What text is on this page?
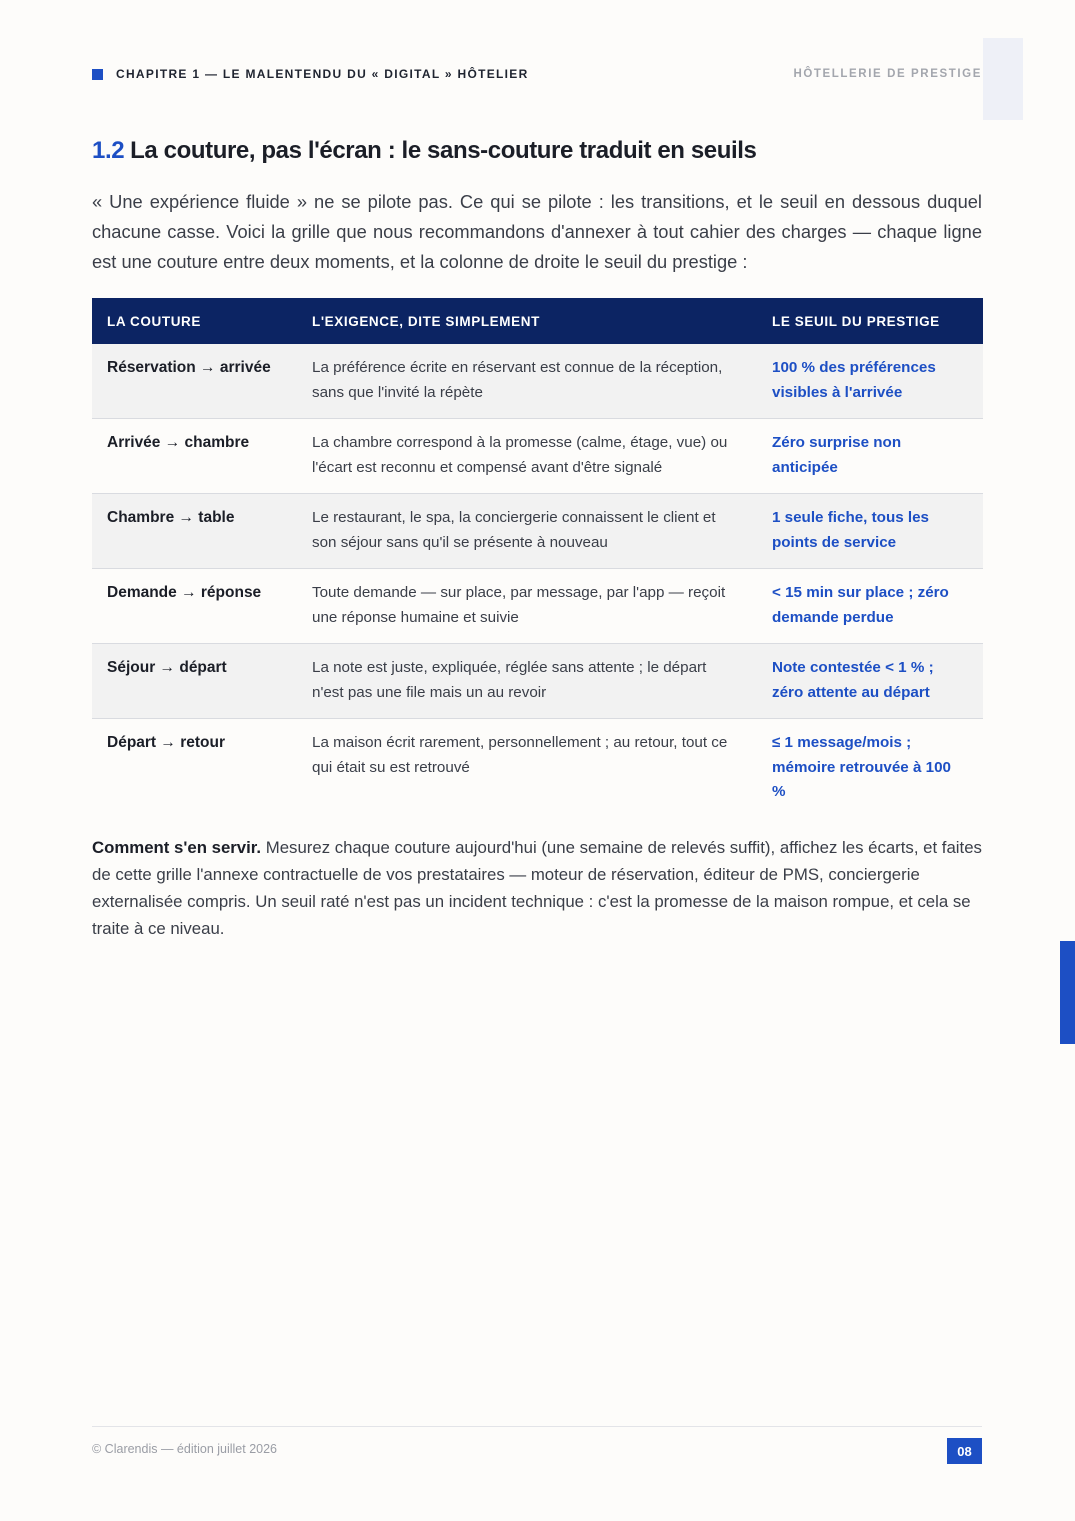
CHAPITRE 1 — LE MALENTENDU DU « DIGITAL » HÔTELIER	HÔTELLERIE DE PRESTIGE
1.2 La couture, pas l'écran : le sans-couture traduit en seuils

« Une expérience fluide » ne se pilote pas. Ce qui se pilote : les transitions, et le seuil en dessous duquel chacune casse. Voici la grille que nous recommandons d'annexer à tout cahier des charges — chaque ligne est une couture entre deux moments, et la colonne de droite le seuil du prestige :

LA COUTURE	L'EXIGENCE, DITE SIMPLEMENT	LE SEUIL DU PRESTIGE
Réservation → arrivée	La préférence écrite en réservant est connue de la réception, sans que l'invité la répète	100 % des préférences visibles à l'arrivée
Arrivée → chambre	La chambre correspond à la promesse (calme, étage, vue) ou l'écart est reconnu et compensé avant d'être signalé	Zéro surprise non anticipée
Chambre → table	Le restaurant, le spa, la conciergerie connaissent le client et son séjour sans qu'il se présente à nouveau	1 seule fiche, tous les points de service
Demande → réponse	Toute demande — sur place, par message, par l'app — reçoit une réponse humaine et suivie	< 15 min sur place ; zéro demande perdue
Séjour → départ	La note est juste, expliquée, réglée sans attente ; le départ n'est pas une file mais un au revoir	Note contestée < 1 % ; zéro attente au départ
Départ → retour	La maison écrit rarement, personnellement ; au retour, tout ce qui était su est retrouvé	≤ 1 message/mois ; mémoire retrouvée à 100 %

Comment s'en servir. Mesurez chaque couture aujourd'hui (une semaine de relevés suffit), affichez les écarts, et faites de cette grille l'annexe contractuelle de vos prestataires — moteur de réservation, éditeur de PMS, conciergerie externalisée compris. Un seuil raté n'est pas un incident technique : c'est la promesse de la maison rompue, et cela se traite à ce niveau.

© Clarendis — édition juillet 2026	08
